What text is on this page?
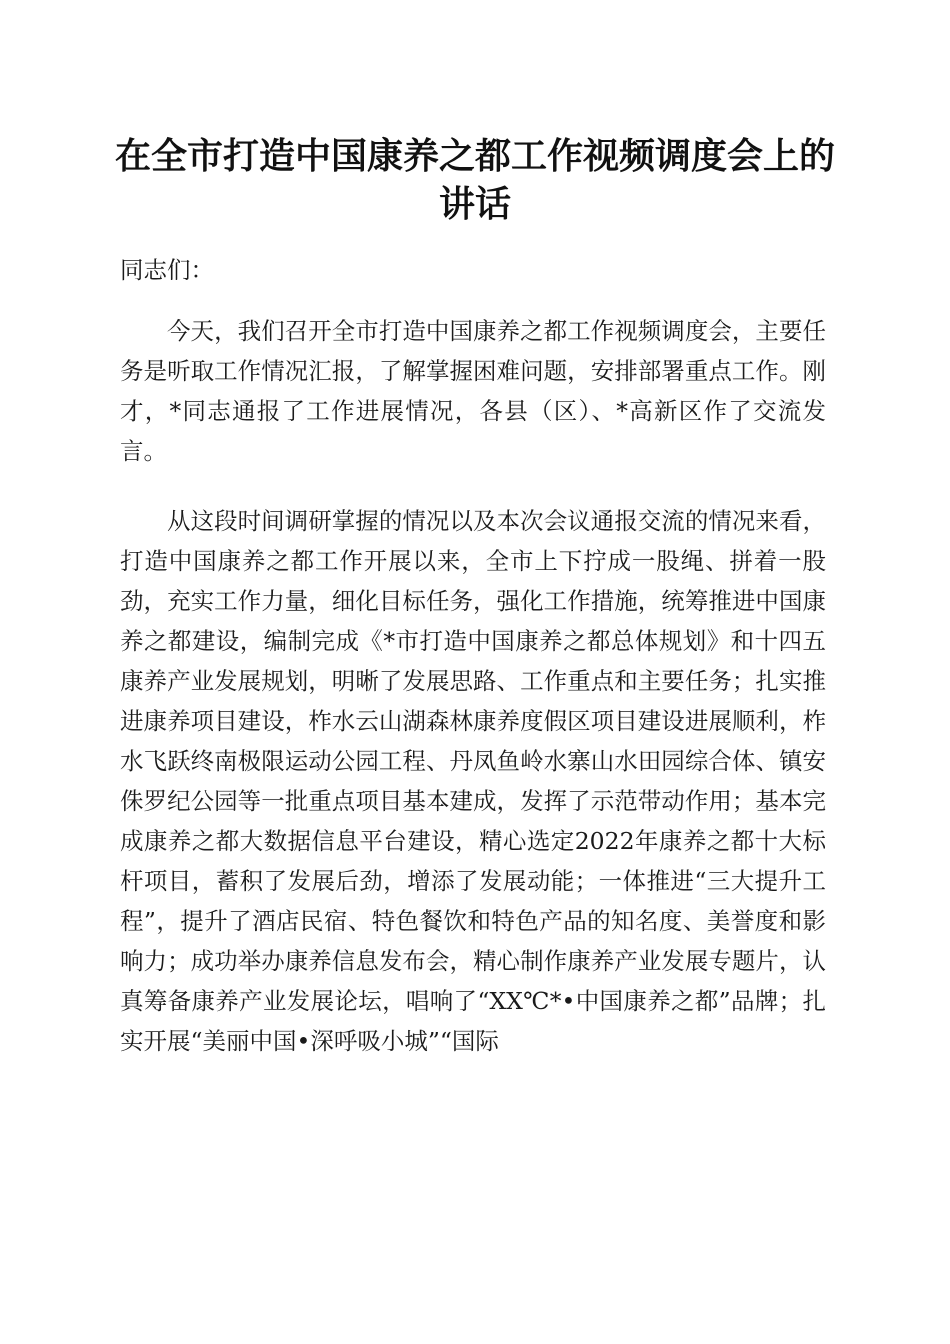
在全市打造中国康养之都工作视频调度会上的讲话

同志们：

今天，我们召开全市打造中国康养之都工作视频调度会，主要任务是听取工作情况汇报，了解掌握困难问题，安排部署重点工作。刚才，*同志通报了工作进展情况，各县（区）、*高新区作了交流发言。

从这段时间调研掌握的情况以及本次会议通报交流的情况来看，打造中国康养之都工作开展以来，全市上下拧成一股绳、拼着一股劲，充实工作力量，细化目标任务，强化工作措施，统筹推进中国康养之都建设，编制完成《*市打造中国康养之都总体规划》和十四五康养产业发展规划，明晰了发展思路、工作重点和主要任务；扎实推进康养项目建设，柞水云山湖森林康养度假区项目建设进展顺利，柞水飞跃终南极限运动公园工程、丹凤鱼岭水寨山水田园综合体、镇安侏罗纪公园等一批重点项目基本建成，发挥了示范带动作用；基本完成康养之都大数据信息平台建设，精心选定2022年康养之都十大标杆项目，蓄积了发展后劲，增添了发展动能；一体推进“三大提升工程”，提升了酒店民宿、特色餐饮和特色产品的知名度、美誉度和影响力；成功举办康养信息发布会，精心制作康养产业发展专题片，认真筹备康养产业发展论坛，唱响了“XX℃*•中国康养之都”品牌；扎实开展“美丽中国•深呼吸小城”“国际
